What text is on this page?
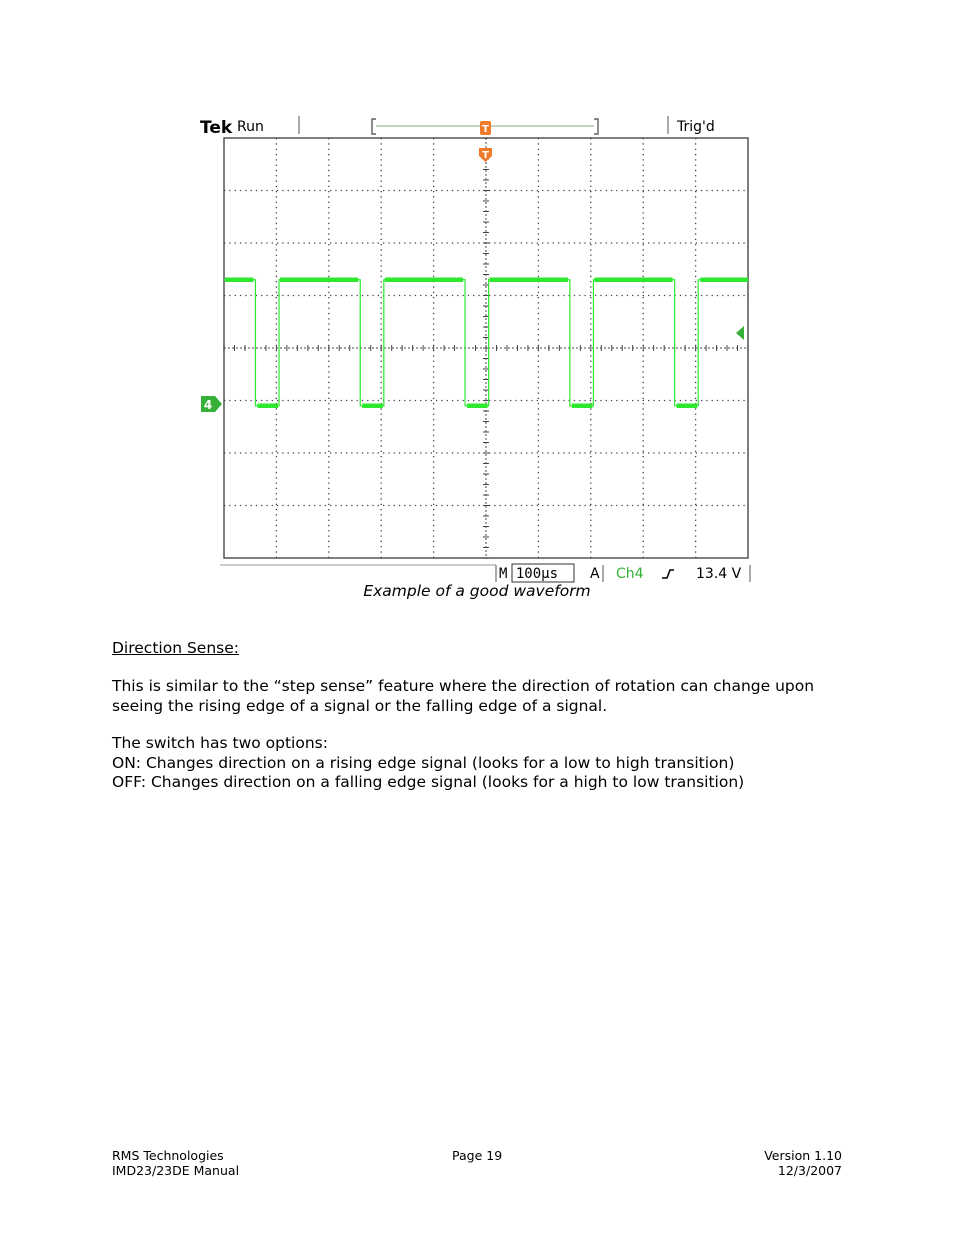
Tek Run	Trig'd
T
T
4
M 100µs A Ch4	13.4 V
Example of a good waveform
Direction Sense:

This is similar to the “step sense” feature where the direction of rotation can change upon
seeing the rising edge of a signal or the falling edge of a signal.

The switch has two options:
ON: Changes direction on a rising edge signal (looks for a low to high transition)
OFF: Changes direction on a falling edge signal (looks for a high to low transition)

RMS Technologies
IMD23/23DE Manual
Page 19	Version 1.10
12/3/2007
